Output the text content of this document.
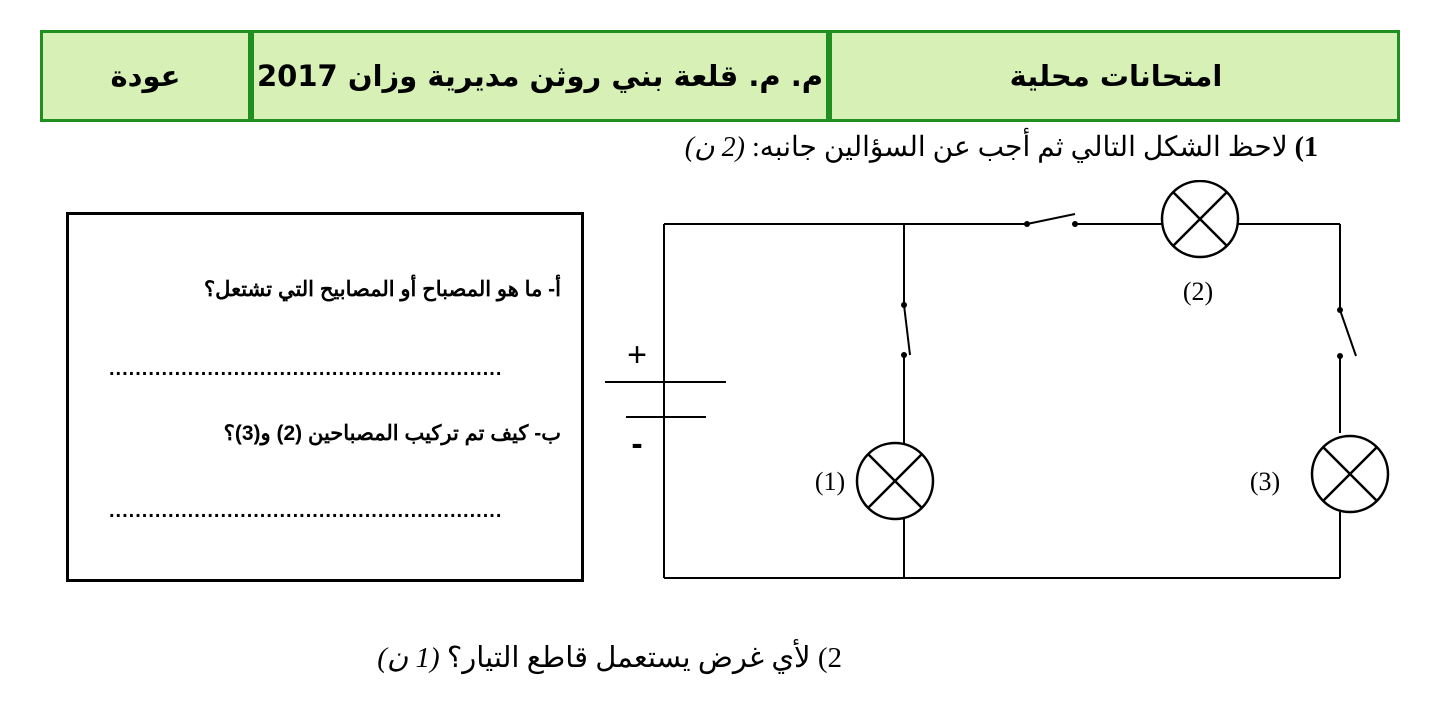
عودة	م. م. قلعة بني روثن مديرية وزان 2017	امتحانات محلية
1) لاحظ الشكل التالي ثم أجب عن السؤالين جانبه: (2 ن)
أ- ما هو المصباح أو المصابيح التي تشتعل؟
............................................................
ب- كيف تم تركيب المصباحين (2) و(3)؟
............................................................
+
-
(2)
(1)	(3)
2) لأي غرض يستعمل قاطع التيار؟ (1 ن)
